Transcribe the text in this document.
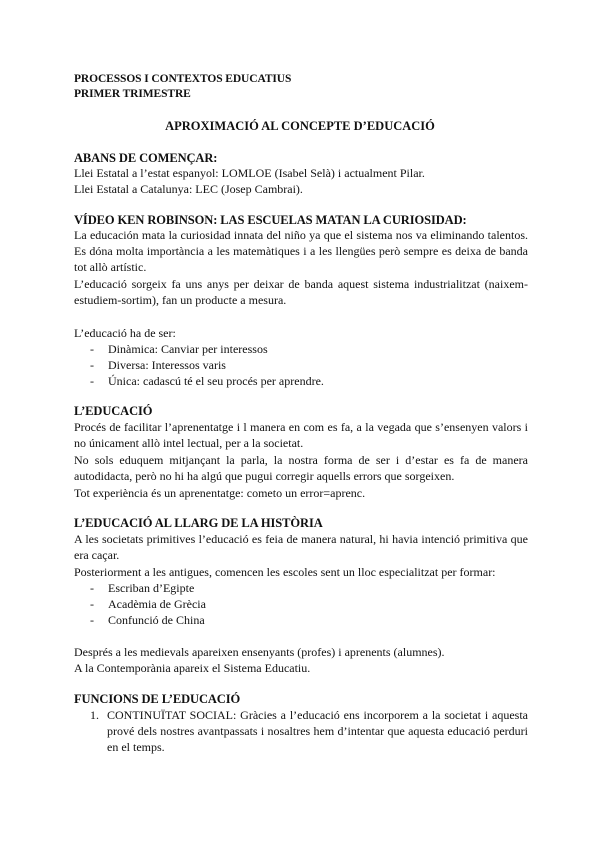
PROCESSOS I CONTEXTOS EDUCATIUS
PRIMER TRIMESTRE
APROXIMACIÓ AL CONCEPTE D’EDUCACIÓ
ABANS DE COMENÇAR:
Llei Estatal a l’estat espanyol: LOMLOE (Isabel Selà) i actualment Pilar.
Llei Estatal a Catalunya: LEC (Josep Cambrai).
VÍDEO KEN ROBINSON: LAS ESCUELAS MATAN LA CURIOSIDAD:
La educación mata la curiosidad innata del niño ya que el sistema nos va eliminando talentos. Es dóna molta importància a les matemàtiques i a les llengües però sempre es deixa de banda tot allò artístic.
L’educació sorgeix fa uns anys per deixar de banda aquest sistema industrialitzat (naixem-estudiem-sortim), fan un producte a mesura.
L’educació ha de ser:
- Dinàmica: Canviar per interessos
- Diversa: Interessos varis
- Única: cadascú té el seu procés per aprendre.
L’EDUCACIÓ
Procés de facilitar l’aprenentatge i l manera en com es fa, a la vegada que s’ensenyen valors i no únicament allò intel lectual, per a la societat.
No sols eduquem mitjançant la parla, la nostra forma de ser i d’estar es fa de manera autodidacta, però no hi ha algú que pugui corregir aquells errors que sorgeixen.
Tot experiència és un aprenentatge: cometo un error=aprenc.
L’EDUCACIÓ AL LLARG DE LA HISTÒRIA
A les societats primitives l’educació es feia de manera natural, hi havia intenció primitiva que era caçar.
Posteriorment a les antigues, comencen les escoles sent un lloc especialitzat per formar:
- Escriban d’Egipte
- Acadèmia de Grècia
- Confunció de China
Després a les medievals apareixen ensenyants (profes) i aprenents (alumnes).
A la Contemporània apareix el Sistema Educatiu.
FUNCIONS DE L’EDUCACIÓ
1. CONTINUÏTAT SOCIAL: Gràcies a l’educació ens incorporem a la societat i aquesta prové dels nostres avantpassats i nosaltres hem d’intentar que aquesta educació perduri en el temps.
